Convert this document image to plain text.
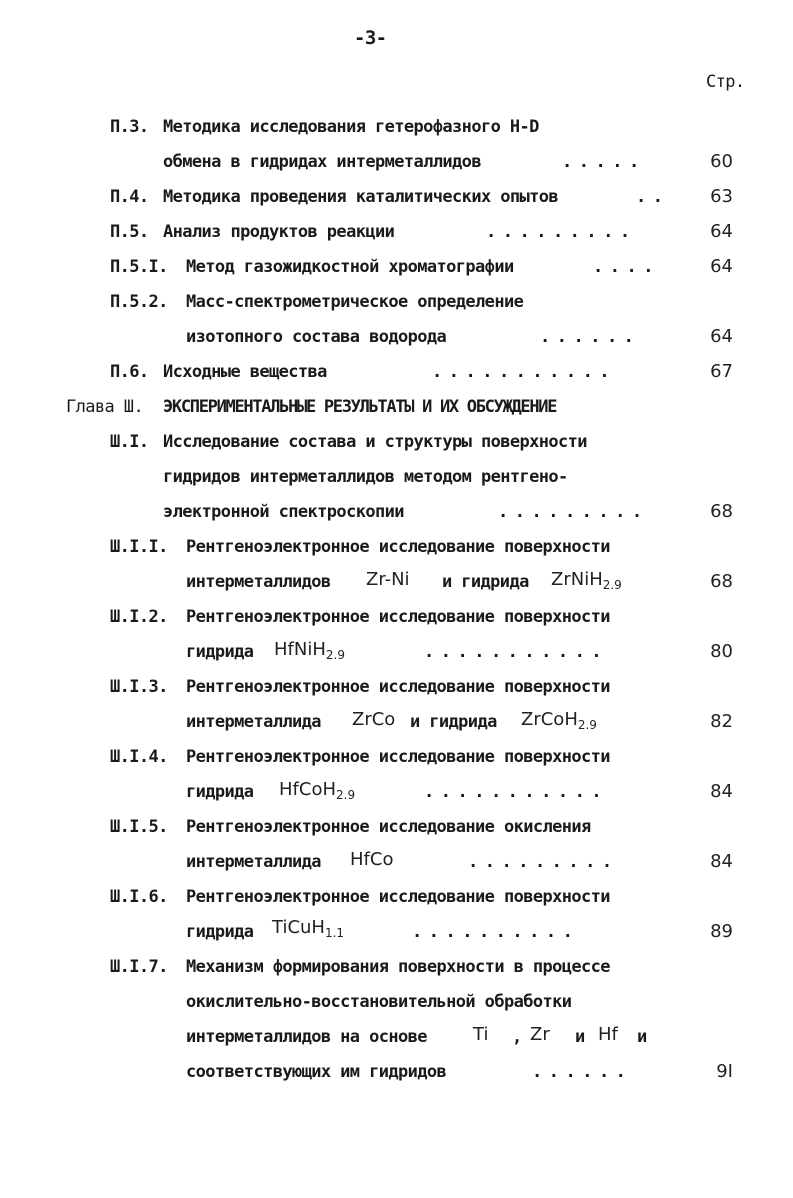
-3-
Стр.
П.3. Методика исследования гетерофазного Н-D
обмена в гидридах интерметаллидов	.....	60
П.4. Методика проведения каталитических опытов	.. 63
П.5. Анализ продуктов реакции	.........	64
П.5.I. Метод газожидкостной хроматографии	....	64
П.5.2. Масс-спектрометрическое определение
изотопного состава водорода	......	64
П.6. Исходные вещества	...........	67
Глава Ш. ЭКСПЕРИМЕНТАЛЬНЫЕ РЕЗУЛЬТАТЫ И ИХ ОБСУЖДЕНИЕ
Ш.I. Исследование состава и структуры поверхности
гидридов интерметаллидов методом рентгено-
электронной спектроскопии	.........	68
Ш.I.I. Рентгеноэлектронное исследование поверхности
интерметаллидов Zr-Ni и гидрида ZrNiH$_{2.9}$	68
Ш.I.2. Рентгеноэлектронное исследование поверхности
гидрида HfNiH$_{2.9}$	...........	80
Ш.I.3. Рентгеноэлектронное исследование поверхности
интерметаллида ZrCo и гидрида ZrCoH$_{2.9}$	82
Ш.I.4. Рентгеноэлектронное исследование поверхности
гидрида HfCoH$_{2.9}$	...........	84
Ш.I.5. Рентгеноэлектронное исследование окисления
интерметаллида HfCo	.........	84
Ш.I.6. Рентгеноэлектронное исследование поверхности
гидрида TiCuH$_{1.1}$	..........	89
Ш.I.7. Механизм формирования поверхности в процессе
окислительно-восстановительной обработки
интерметаллидов на основе	Ti , Zr и Hf и
соответствующих им гидридов	......	9I
